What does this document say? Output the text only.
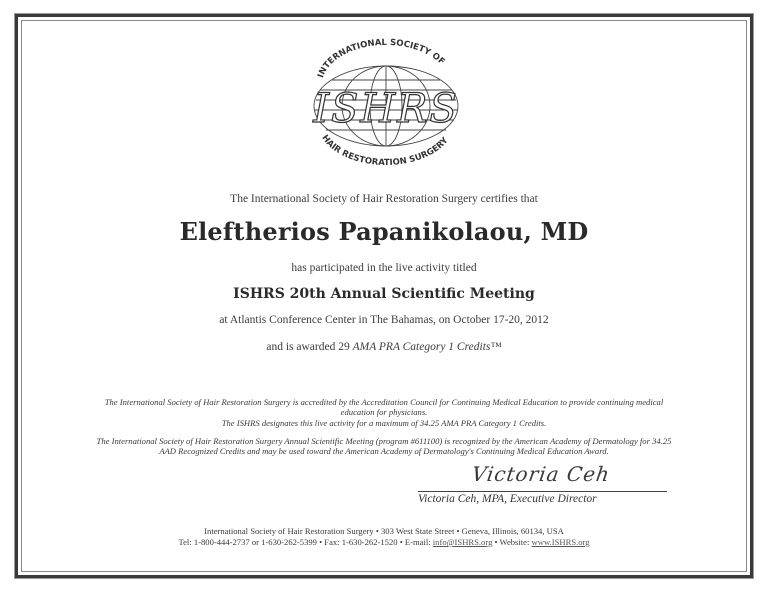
INTERNATIONAL SOCIETY OF
HAIR RESTORATION SURGERY
ISHRS
The International Society of Hair Restoration Surgery certifies that
Eleftherios Papanikolaou, MD
has participated in the live activity titled
ISHRS 20th Annual Scientific Meeting
at Atlantis Conference Center in The Bahamas, on October 17-20, 2012
and is awarded 29 AMA PRA Category 1 Credits™
The International Society of Hair Restoration Surgery is accredited by the Accreditation Council for Continuing Medical Education to provide continuing medical
education for physicians.
The ISHRS designates this live activity for a maximum of 34.25 AMA PRA Category 1 Credits.
The International Society of Hair Restoration Surgery Annual Scientific Meeting (program #611100) is recognized by the American Academy of Dermatology for 34.25
AAD Recognized Credits and may be used toward the American Academy of Dermatology's Continuing Medical Education Award.
Victoria Ceh
Victoria Ceh, MPA, Executive Director
International Society of Hair Restoration Surgery • 303 West State Street • Geneva, Illinois, 60134, USA
Tel: 1-800-444-2737 or 1-630-262-5399 • Fax: 1-630-262-1520 • E-mail: info@ISHRS.org • Website: www.ISHRS.org
